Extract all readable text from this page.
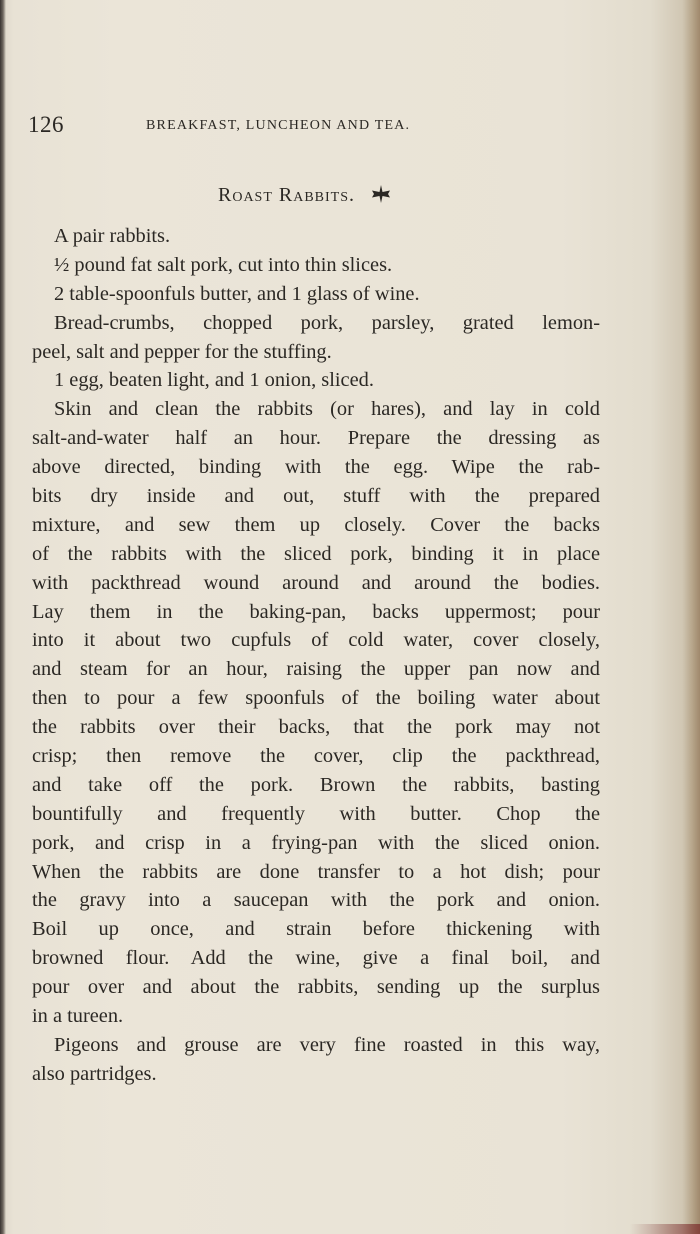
126	BREAKFAST, LUNCHEON AND TEA.
Roast Rabbits.
A pair rabbits.
½ pound fat salt pork, cut into thin slices.
2 table-spoonfuls butter, and 1 glass of wine.
Bread-crumbs, chopped pork, parsley, grated lemon-
peel, salt and pepper for the stuffing.
1 egg, beaten light, and 1 onion, sliced.
Skin and clean the rabbits (or hares), and lay in cold
salt-and-water half an hour. Prepare the dressing as
above directed, binding with the egg. Wipe the rab-
bits dry inside and out, stuff with the prepared
mixture, and sew them up closely. Cover the backs
of the rabbits with the sliced pork, binding it in place
with packthread wound around and around the bodies.
Lay them in the baking-pan, backs uppermost; pour
into it about two cupfuls of cold water, cover closely,
and steam for an hour, raising the upper pan now and
then to pour a few spoonfuls of the boiling water about
the rabbits over their backs, that the pork may not
crisp; then remove the cover, clip the packthread,
and take off the pork. Brown the rabbits, basting
bountifully and frequently with butter. Chop the
pork, and crisp in a frying-pan with the sliced onion.
When the rabbits are done transfer to a hot dish; pour
the gravy into a saucepan with the pork and onion.
Boil up once, and strain before thickening with
browned flour. Add the wine, give a final boil, and
pour over and about the rabbits, sending up the surplus
in a tureen.
Pigeons and grouse are very fine roasted in this way,
also partridges.
